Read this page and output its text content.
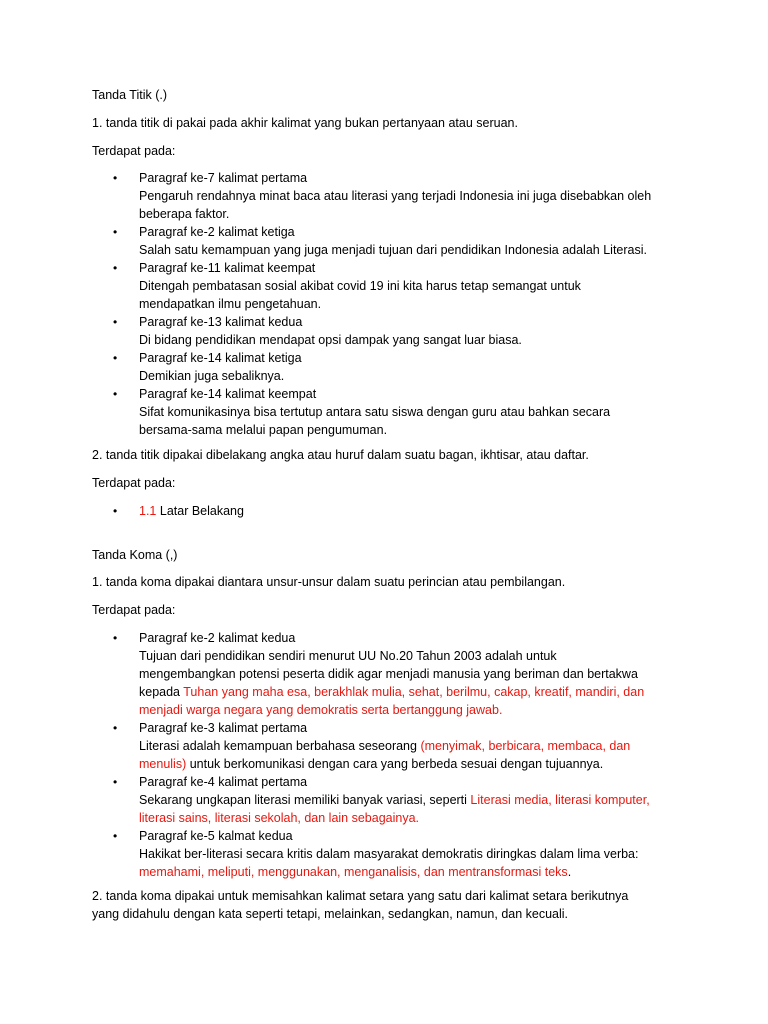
Tanda Titik (.)
1. tanda titik di pakai pada akhir kalimat yang bukan pertanyaan atau seruan.
Terdapat pada:
• Paragraf ke-7 kalimat pertama
Pengaruh rendahnya minat baca atau literasi yang terjadi Indonesia ini juga disebabkan oleh
beberapa faktor.
• Paragraf ke-2 kalimat ketiga
Salah satu kemampuan yang juga menjadi tujuan dari pendidikan Indonesia adalah Literasi.
• Paragraf ke-11 kalimat keempat
Ditengah pembatasan sosial akibat covid 19 ini kita harus tetap semangat untuk
mendapatkan ilmu pengetahuan.
• Paragraf ke-13 kalimat kedua
Di bidang pendidikan mendapat opsi dampak yang sangat luar biasa.
• Paragraf ke-14 kalimat ketiga
Demikian juga sebaliknya.
• Paragraf ke-14 kalimat keempat
Sifat komunikasinya bisa tertutup antara satu siswa dengan guru atau bahkan secara
bersama-sama melalui papan pengumuman.
2. tanda titik dipakai dibelakang angka atau huruf dalam suatu bagan, ikhtisar, atau daftar.
Terdapat pada:
• 1.1 Latar Belakang
Tanda Koma (,)
1. tanda koma dipakai diantara unsur-unsur dalam suatu perincian atau pembilangan.
Terdapat pada:
• Paragraf ke-2 kalimat kedua
Tujuan dari pendidikan sendiri menurut UU No.20 Tahun 2003 adalah untuk
mengembangkan potensi peserta didik agar menjadi manusia yang beriman dan bertakwa
kepada Tuhan yang maha esa, berakhlak mulia, sehat, berilmu, cakap, kreatif, mandiri, dan
menjadi warga negara yang demokratis serta bertanggung jawab.
• Paragraf ke-3 kalimat pertama
Literasi adalah kemampuan berbahasa seseorang (menyimak, berbicara, membaca, dan
menulis) untuk berkomunikasi dengan cara yang berbeda sesuai dengan tujuannya.
• Paragraf ke-4 kalimat pertama
Sekarang ungkapan literasi memiliki banyak variasi, seperti Literasi media, literasi komputer,
literasi sains, literasi sekolah, dan lain sebagainya.
• Paragraf ke-5 kalmat kedua
Hakikat ber-literasi secara kritis dalam masyarakat demokratis diringkas dalam lima verba:
memahami, meliputi, menggunakan, menganalisis, dan mentransformasi teks.
2. tanda koma dipakai untuk memisahkan kalimat setara yang satu dari kalimat setara berikutnya
yang didahulu dengan kata seperti tetapi, melainkan, sedangkan, namun, dan kecuali.
